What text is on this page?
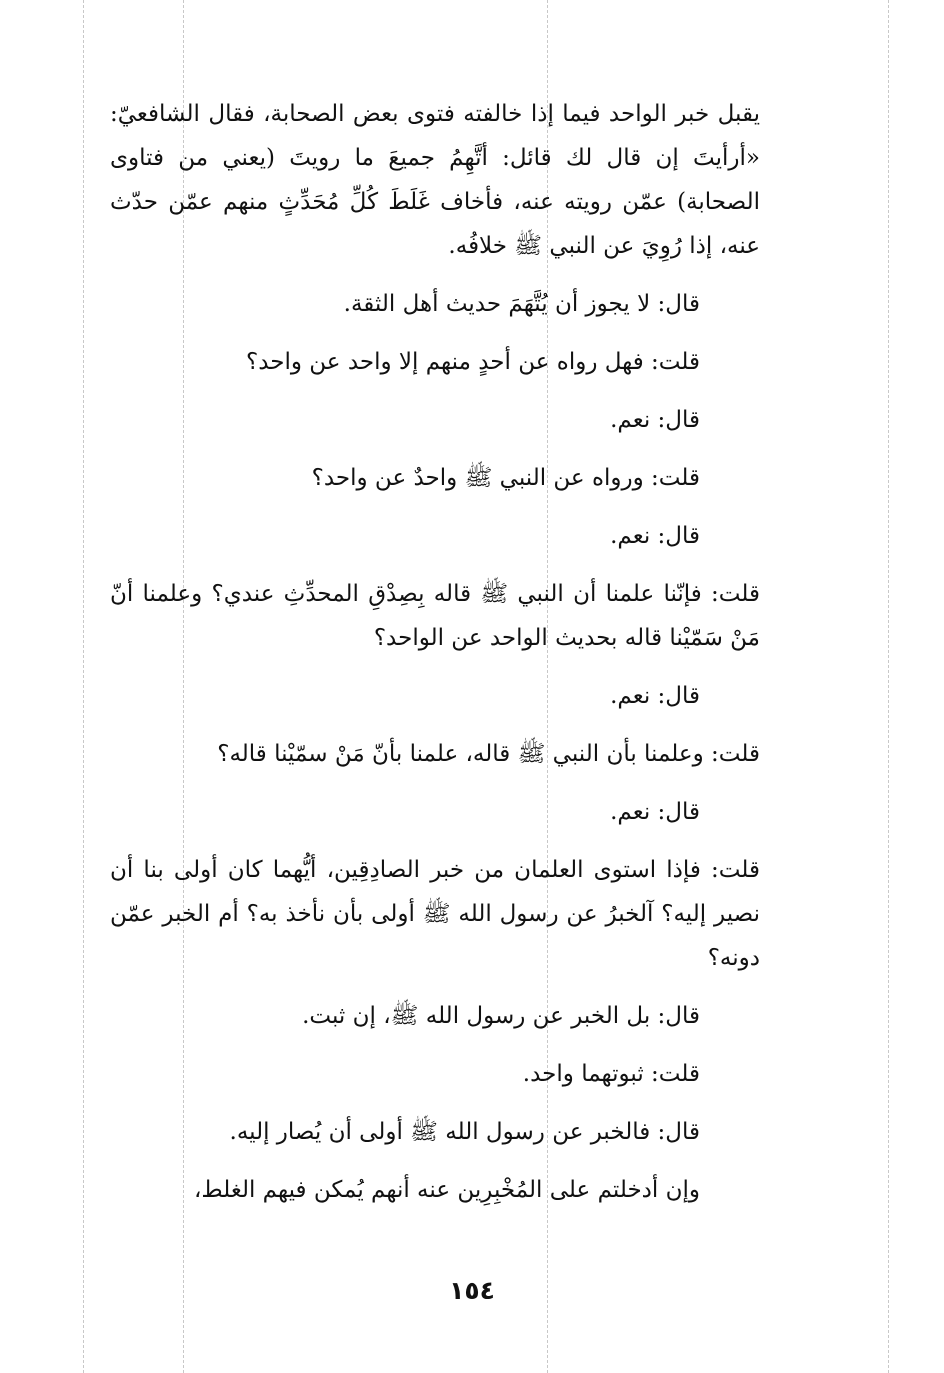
يقبل خبر الواحد فيما إذا خالفته فتوى بعض الصحابة، فقال الشافعيّ: «أرأيتَ إن قال لك قائل: أتَّهِمُ جميعَ ما رويتَ (يعني من فتاوى الصحابة) عمّن رويته عنه، فأخاف غَلَطَ كُلِّ مُحَدِّثٍ منهم عمّن حدّث عنه، إذا رُوِيَ عن النبي ﷺ خلافُه.

قال: لا يجوز أن يُتَّهَمَ حديث أهل الثقة.

قلت: فهل رواه عن أحدٍ منهم إلا واحد عن واحد؟

قال: نعم.

قلت: ورواه عن النبي ﷺ واحدٌ عن واحد؟

قال: نعم.

قلت: فإنّنا علمنا أن النبي ﷺ قاله بِصِدْقِ المحدِّثِ عندي؟ وعلمنا أنّ مَنْ سَمّيْنا قاله بحديث الواحد عن الواحد؟

قال: نعم.

قلت: وعلمنا بأن النبي ﷺ قاله، علمنا بأنّ مَنْ سمّيْنا قاله؟

قال: نعم.

قلت: فإذا استوى العلمان من خبر الصادِقِين، أيُّهما كان أولى بنا أن نصير إليه؟ آلخبرُ عن رسول الله ﷺ أولى بأن نأخذ به؟ أم الخبر عمّن دونه؟

قال: بل الخبر عن رسول الله ﷺ، إن ثبت.

قلت: ثبوتهما واحد.

قال: فالخبر عن رسول الله ﷺ أولى أن يُصار إليه.

وإن أدخلتم على المُخْبِرِين عنه أنهم يُمكن فيهم الغلط،

١٥٤
